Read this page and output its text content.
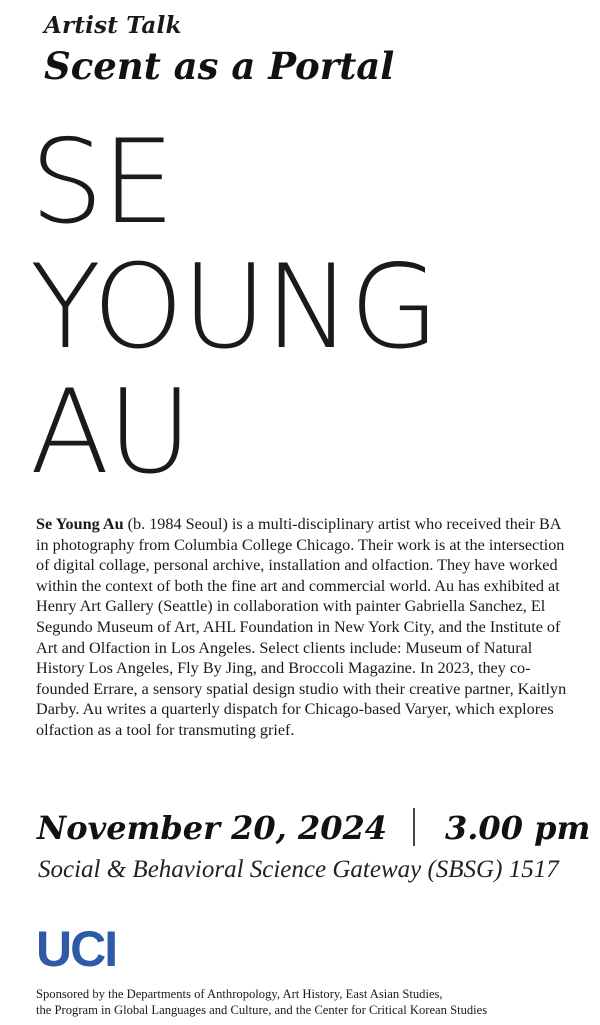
Artist Talk
Scent as a Portal
SE
YOUNG
AU
Se Young Au (b. 1984 Seoul) is a multi-disciplinary artist who received their BA in photography from Columbia College Chicago. Their work is at the intersection of digital collage, personal archive, installation and olfaction. They have worked within the context of both the fine art and commercial world. Au has exhibited at Henry Art Gallery (Seattle) in collaboration with painter Gabriella Sanchez, El Segundo Museum of Art, AHL Foundation in New York City, and the Institute of Art and Olfaction in Los Angeles. Select clients include: Museum of Natural History Los Angeles, Fly By Jing, and Broccoli Magazine. In 2023, they co-founded Errare, a sensory spatial design studio with their creative partner, Kaitlyn Darby. Au writes a quarterly dispatch for Chicago-based Varyer, which explores olfaction as a tool for transmuting grief.
November 20, 2024 3.00 pm
Social & Behavioral Science Gateway (SBSG) 1517
UCI
Sponsored by the Departments of Anthropology, Art History, East Asian Studies,
the Program in Global Languages and Culture, and the Center for Critical Korean Studies
